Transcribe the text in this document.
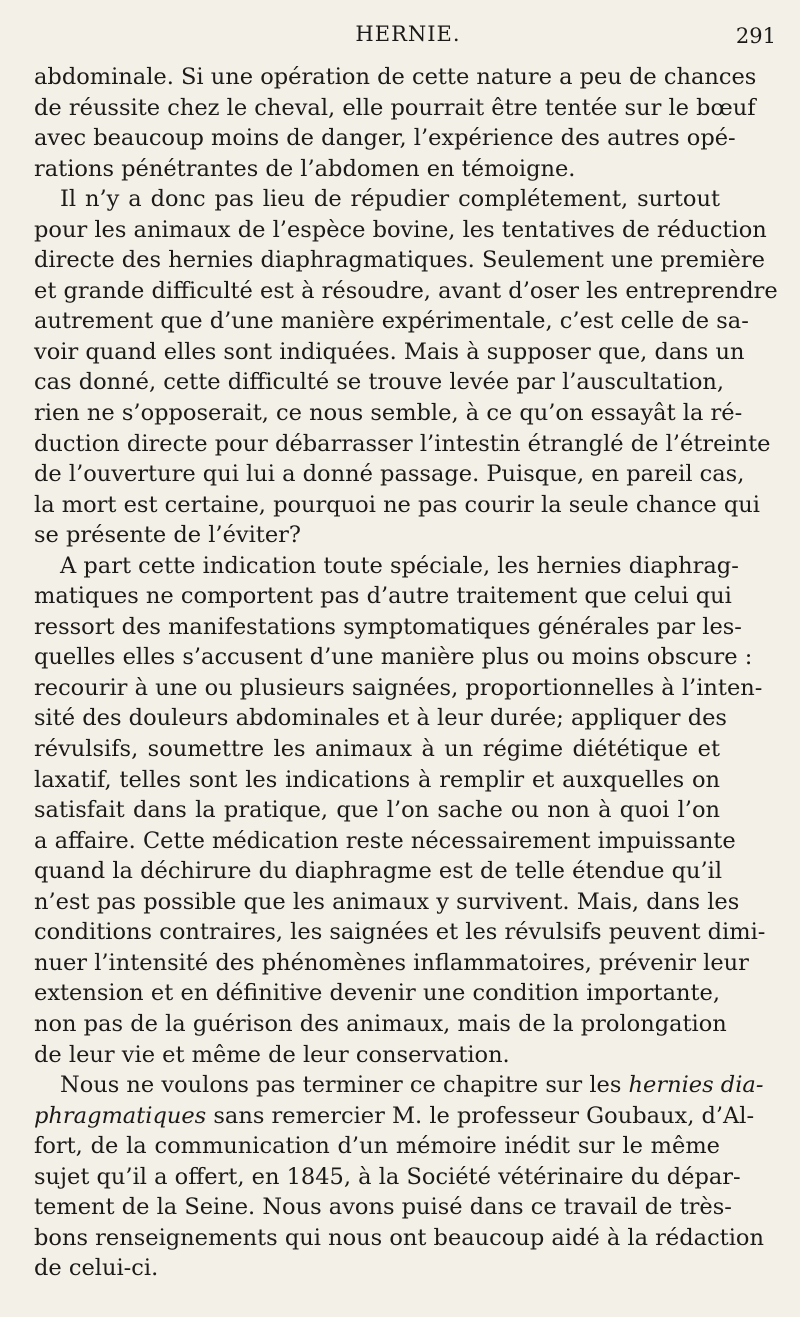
HERNIE.	291
abdominale. Si une opération de cette nature a peu de chances
de réussite chez le cheval, elle pourrait être tentée sur le bœuf
avec beaucoup moins de danger, l’expérience des autres opé-
rations pénétrantes de l’abdomen en témoigne.
Il n’y a donc pas lieu de répudier complétement, surtout
pour les animaux de l’espèce bovine, les tentatives de réduction
directe des hernies diaphragmatiques. Seulement une première
et grande difficulté est à résoudre, avant d’oser les entreprendre
autrement que d’une manière expérimentale, c’est celle de sa-
voir quand elles sont indiquées. Mais à supposer que, dans un
cas donné, cette difficulté se trouve levée par l’auscultation,
rien ne s’opposerait, ce nous semble, à ce qu’on essayât la ré-
duction directe pour débarrasser l’intestin étranglé de l’étreinte
de l’ouverture qui lui a donné passage. Puisque, en pareil cas,
la mort est certaine, pourquoi ne pas courir la seule chance qui
se présente de l’éviter?
A part cette indication toute spéciale, les hernies diaphrag-
matiques ne comportent pas d’autre traitement que celui qui
ressort des manifestations symptomatiques générales par les-
quelles elles s’accusent d’une manière plus ou moins obscure :
recourir à une ou plusieurs saignées, proportionnelles à l’inten-
sité des douleurs abdominales et à leur durée; appliquer des
révulsifs, soumettre les animaux à un régime diététique et
laxatif, telles sont les indications à remplir et auxquelles on
satisfait dans la pratique, que l’on sache ou non à quoi l’on
a affaire. Cette médication reste nécessairement impuissante
quand la déchirure du diaphragme est de telle étendue qu’il
n’est pas possible que les animaux y survivent. Mais, dans les
conditions contraires, les saignées et les révulsifs peuvent dimi-
nuer l’intensité des phénomènes inflammatoires, prévenir leur
extension et en définitive devenir une condition importante,
non pas de la guérison des animaux, mais de la prolongation
de leur vie et même de leur conservation.
Nous ne voulons pas terminer ce chapitre sur les hernies dia-
phragmatiques sans remercier M. le professeur Goubaux, d’Al-
fort, de la communication d’un mémoire inédit sur le même
sujet qu’il a offert, en 1845, à la Société vétérinaire du dépar-
tement de la Seine. Nous avons puisé dans ce travail de très-
bons renseignements qui nous ont beaucoup aidé à la rédaction
de celui-ci.
